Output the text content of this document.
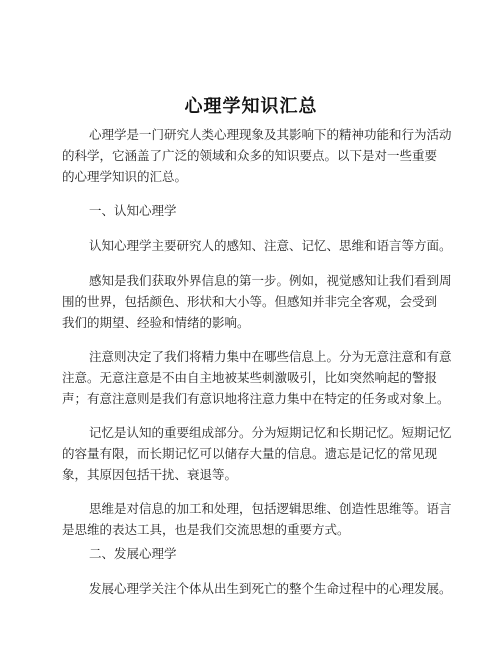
心理学知识汇总
心理学是一门研究人类心理现象及其影响下的精神功能和行为活动
的科学，它涵盖了广泛的领域和众多的知识要点。以下是对一些重要
的心理学知识的汇总。
一、认知心理学
认知心理学主要研究人的感知、注意、记忆、思维和语言等方面。
感知是我们获取外界信息的第一步。例如，视觉感知让我们看到周
围的世界，包括颜色、形状和大小等。但感知并非完全客观，会受到
我们的期望、经验和情绪的影响。
注意则决定了我们将精力集中在哪些信息上。分为无意注意和有意
注意。无意注意是不由自主地被某些刺激吸引，比如突然响起的警报
声；有意注意则是我们有意识地将注意力集中在特定的任务或对象上。
记忆是认知的重要组成部分。分为短期记忆和长期记忆。短期记忆
的容量有限，而长期记忆可以储存大量的信息。遗忘是记忆的常见现
象，其原因包括干扰、衰退等。
思维是对信息的加工和处理，包括逻辑思维、创造性思维等。语言
是思维的表达工具，也是我们交流思想的重要方式。
二、发展心理学
发展心理学关注个体从出生到死亡的整个生命过程中的心理发展。
